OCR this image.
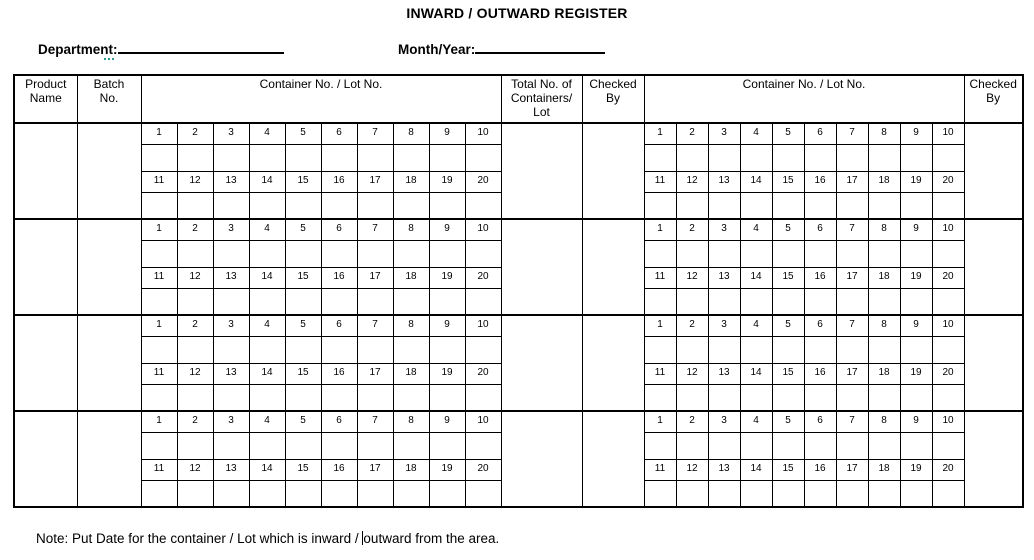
INWARD / OUTWARD REGISTER
Department:	Month/Year:
Product Name	Batch No.	Container No. / Lot No.										Total No. of Containers/ Lot	Checked By	Container No. / Lot No.										Checked By
		1	2	3	4	5	6	7	8	9	10			1	2	3	4	5	6	7	8	9	10	

		11	12	13	14	15	16	17	18	19	20			11	12	13	14	15	16	17	18	19	20	

		1	2	3	4	5	6	7	8	9	10			1	2	3	4	5	6	7	8	9	10	

		11	12	13	14	15	16	17	18	19	20			11	12	13	14	15	16	17	18	19	20	

		1	2	3	4	5	6	7	8	9	10			1	2	3	4	5	6	7	8	9	10	

		11	12	13	14	15	16	17	18	19	20			11	12	13	14	15	16	17	18	19	20	

		1	2	3	4	5	6	7	8	9	10			1	2	3	4	5	6	7	8	9	10	

		11	12	13	14	15	16	17	18	19	20			11	12	13	14	15	16	17	18	19	20	

Note: Put Date for the container / Lot which is inward / outward from the area.
